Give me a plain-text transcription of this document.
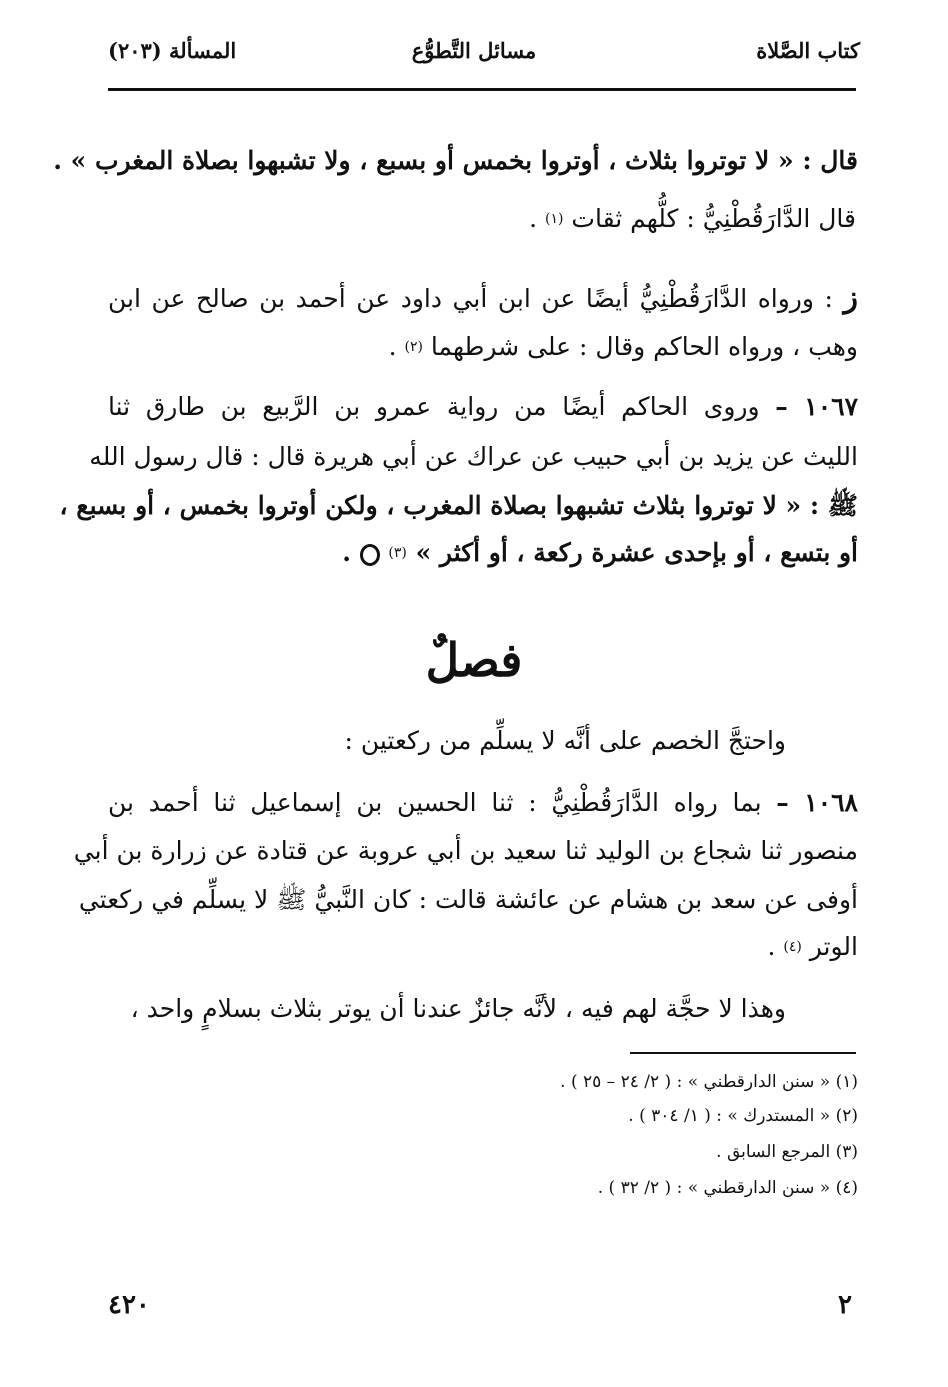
كتاب الصَّلاة
مسائل التَّطوُّع
المسألة (٢٠٣)
قال : « لا توتروا بثلاث ، أوتروا بخمس أو بسبع ، ولا تشبهوا بصلاة المغرب » .
قال الدَّارَقُطْنِيُّ : كلُّهم ثقات $^{(١)}$ .
ز : ورواه الدَّارَقُطْنِيُّ أيضًا عن ابن أبي داود عن أحمد بن صالح عن ابن
وهب ، ورواه الحاكم وقال : على شرطهما $^{(٢)}$ .
١٠٦٧ – وروى الحاكم أيضًا من رواية عمرو بن الرَّبيع بن طارق ثنا
الليث عن يزيد بن أبي حبيب عن عراك عن أبي هريرة قال : قال رسول الله
ﷺ : « لا توتروا بثلاث تشبهوا بصلاة المغرب ، ولكن أوتروا بخمس ، أو بسبع ،
أو بتسع ، أو بإحدى عشرة ركعة ، أو أكثر » $^{(٣)}$  .
فصلٌ
واحتجَّ الخصم على أنَّه لا يسلِّم من ركعتين :
١٠٦٨ – بما رواه الدَّارَقُطْنِيُّ : ثنا الحسين بن إسماعيل ثنا أحمد بن
منصور ثنا شجاع بن الوليد ثنا سعيد بن أبي عروبة عن قتادة عن زرارة بن أبي
أوفى عن سعد بن هشام عن عائشة قالت : كان النَّبيُّ ﷺ لا يسلِّم في ركعتي
الوتر $^{(٤)}$ .
وهذا لا حجَّة لهم فيه ، لأنَّه جائزٌ عندنا أن يوتر بثلاث بسلامٍ واحد ،
(١) « سنن الدارقطني » : ( ٢/ ٢٤ – ٢٥ ) .
(٢) « المستدرك » : ( ١/ ٣٠٤ ) .
(٣) المرجع السابق .
(٤) « سنن الدارقطني » : ( ٢/ ٣٢ ) .
٢
٤٢٠
